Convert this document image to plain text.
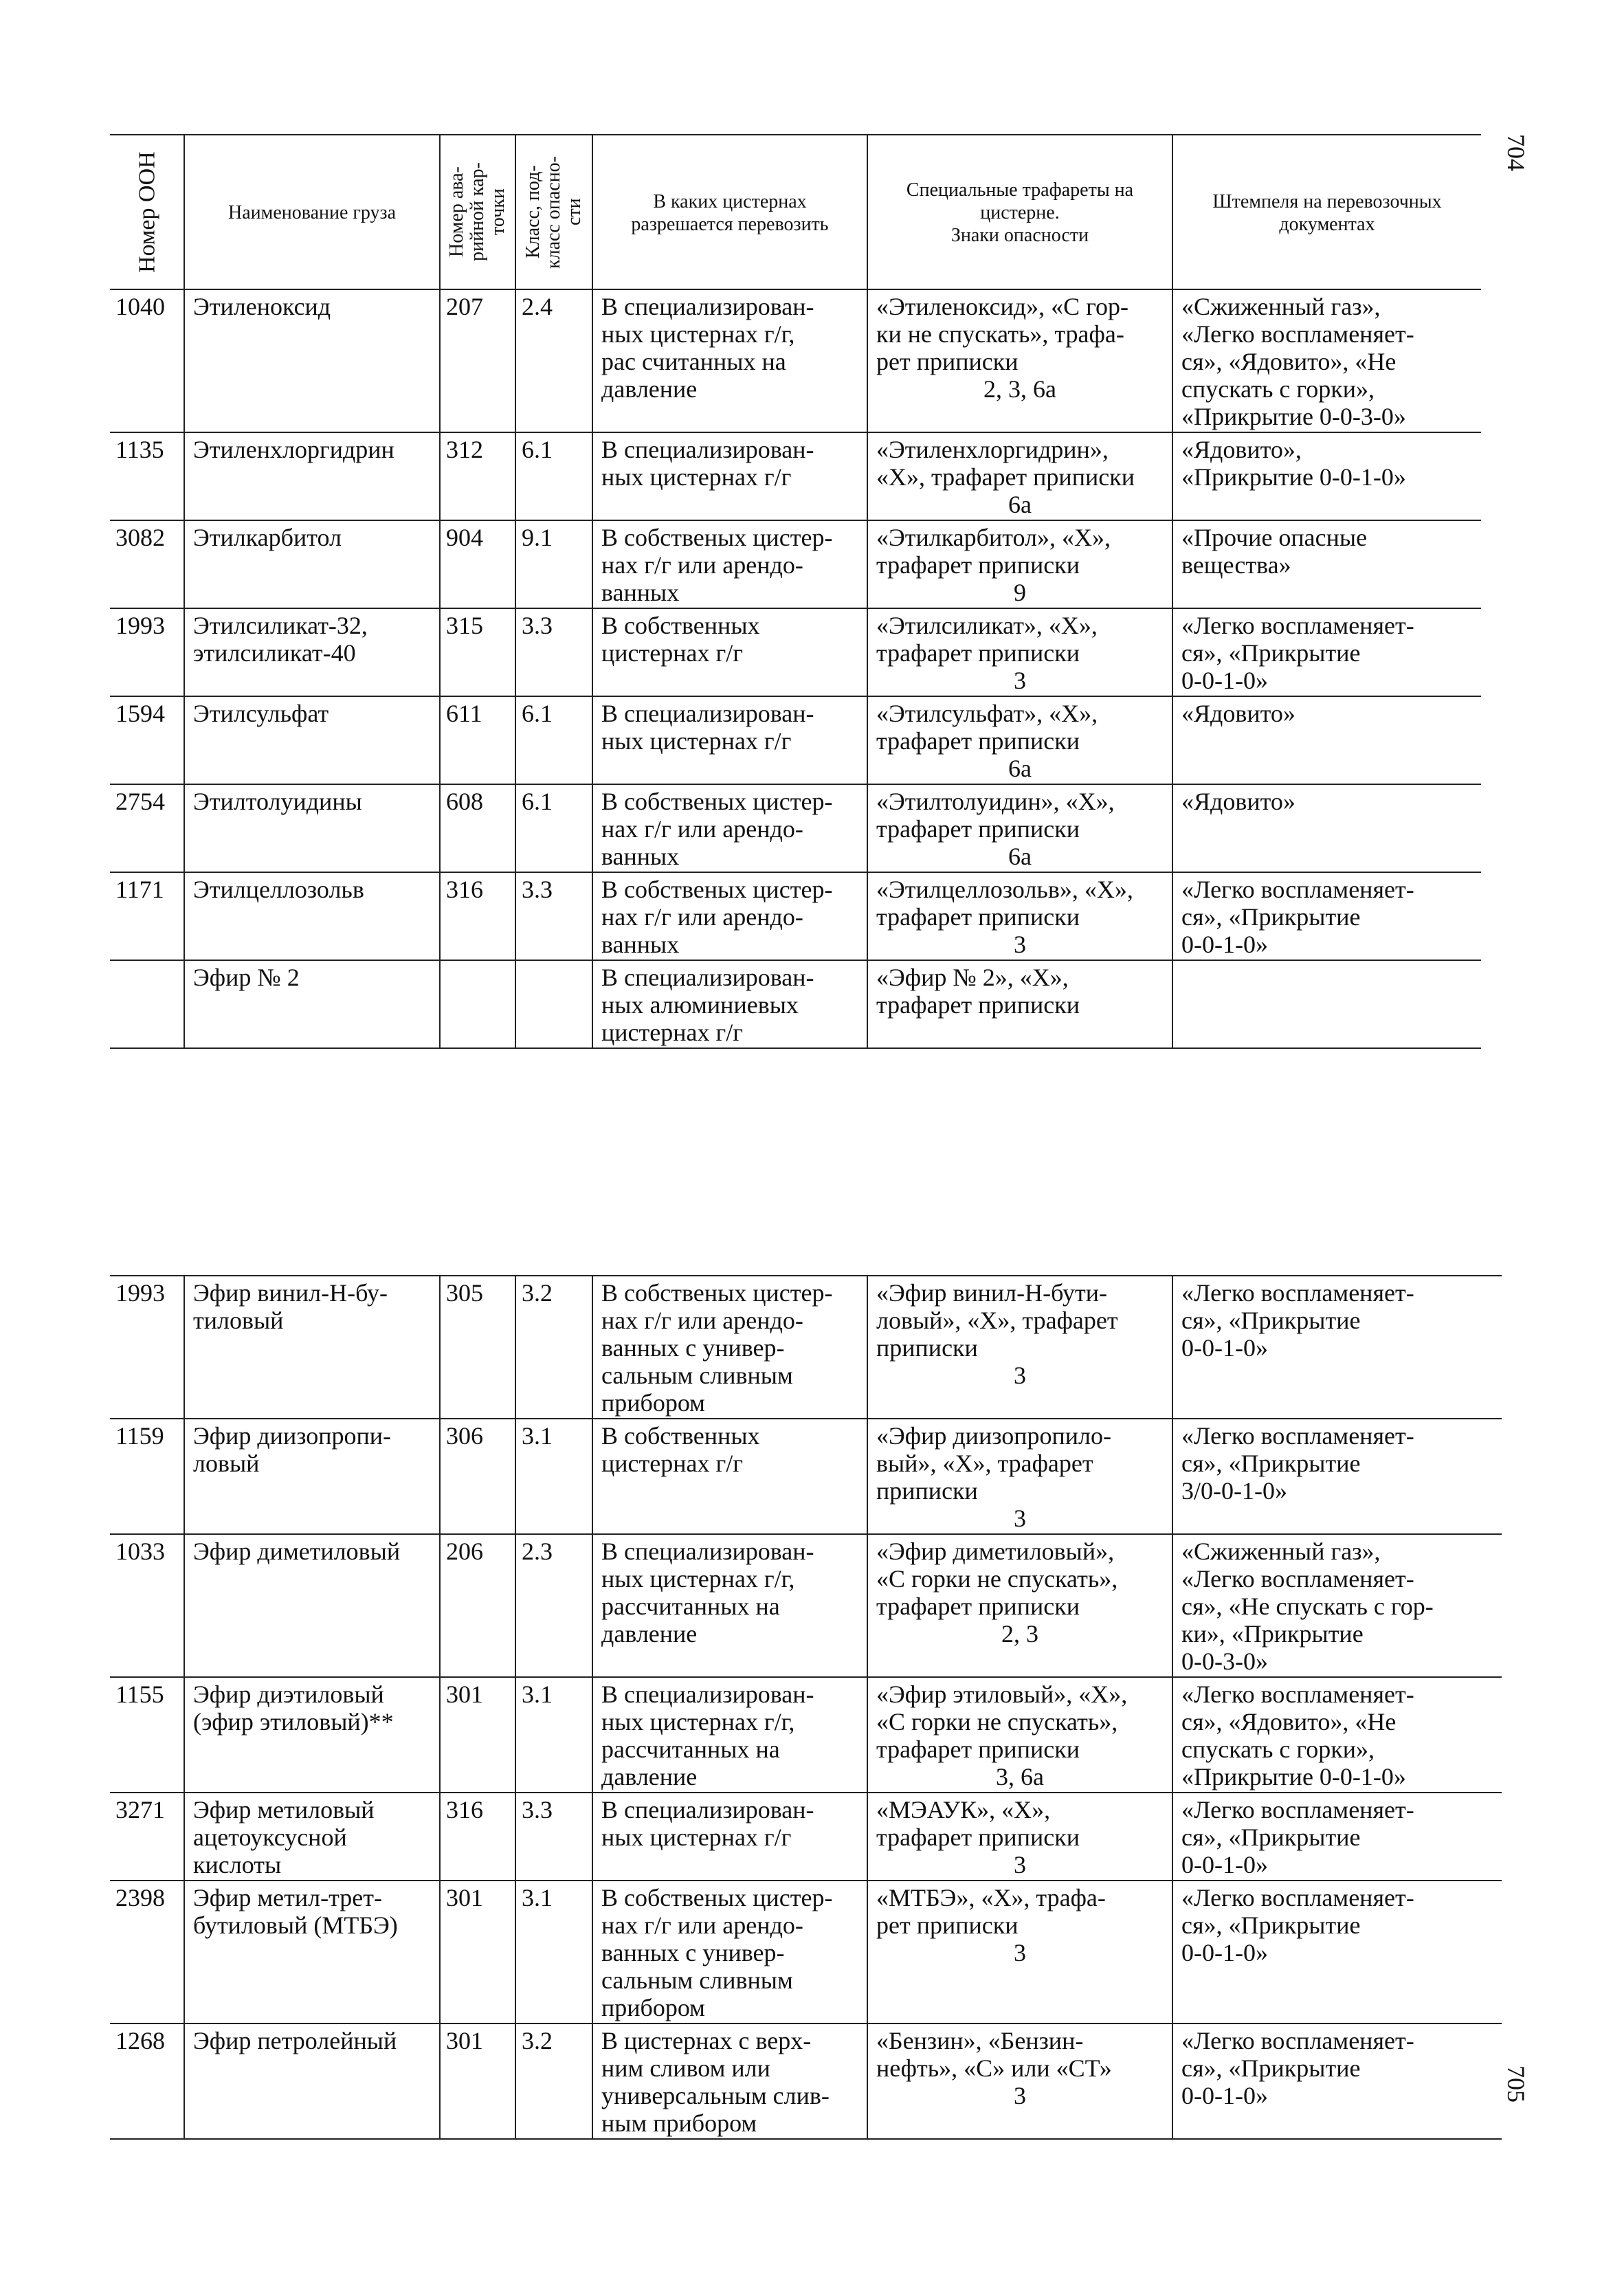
704
705
Номер ООН	Наименование груза	Номер ава-
рийной кар-
точки	Класс, под-
класс опасно-
сти	В каких цистернах разрешается перевозить	Специальные трафареты на цистерне.
Знаки опасности	Штемпеля на перевозочных документах
1040	Этиленоксид	207	2.4	В специализирован-
ных цистернах г/г,
рас считанных на
давление	«Этиленоксид», «С гор-
ки не спускать», трафа-
рет приписки
2, 3, 6а	«Сжиженный газ»,
«Легко воспламеняет-
ся», «Ядовито», «Не
спускать с горки»,
«Прикрытие 0-0-3-0»
1135	Этиленхлоргидрин	312	6.1	В специализирован-
ных цистернах г/г	«Этиленхлоргидрин»,
«Х», трафарет приписки
6а	«Ядовито»,
«Прикрытие 0-0-1-0»
3082	Этилкарбитол	904	9.1	В собственых цистер-
нах г/г или арендо-
ванных	«Этилкарбитол», «Х»,
трафарет приписки
9	«Прочие опасные
вещества»
1993	Этилсиликат-32,
этилсиликат-40	315	3.3	В собственных
цистернах г/г	«Этилсиликат», «Х»,
трафарет приписки
3	«Легко воспламеняет-
ся», «Прикрытие
0-0-1-0»
1594	Этилсульфат	611	6.1	В специализирован-
ных цистернах г/г	«Этилсульфат», «Х»,
трафарет приписки
6а	«Ядовито»
2754	Этилтолуидины	608	6.1	В собственых цистер-
нах г/г или арендо-
ванных	«Этилтолуидин», «Х»,
трафарет приписки
6а	«Ядовито»
1171	Этилцеллозольв	316	3.3	В собственых цистер-
нах г/г или арендо-
ванных	«Этилцеллозольв», «Х»,
трафарет приписки
3	«Легко воспламеняет-
ся», «Прикрытие
0-0-1-0»
	Эфир № 2			В специализирован-
ных алюминиевых
цистернах г/г	«Эфир № 2», «Х»,
трафарет приписки

1993	Эфир винил-Н-бу-
тиловый	305	3.2	В собственых цистер-
нах г/г или арендо-
ванных с универ-
сальным сливным
прибором	«Эфир винил-Н-бути-
ловый», «Х», трафарет
приписки
3	«Легко воспламеняет-
ся», «Прикрытие
0-0-1-0»
1159	Эфир диизопропи-
ловый	306	3.1	В собственных
цистернах г/г	«Эфир диизопропило-
вый», «Х», трафарет
приписки
3	«Легко воспламеняет-
ся», «Прикрытие
3/0-0-1-0»
1033	Эфир диметиловый	206	2.3	В специализирован-
ных цистернах г/г,
рассчитанных на
давление	«Эфир диметиловый»,
«С горки не спускать»,
трафарет приписки
2, 3	«Сжиженный газ»,
«Легко воспламеняет-
ся», «Не спускать с гор-
ки», «Прикрытие
0-0-3-0»
1155	Эфир диэтиловый
(эфир этиловый)**	301	3.1	В специализирован-
ных цистернах г/г,
рассчитанных на
давление	«Эфир этиловый», «Х»,
«С горки не спускать»,
трафарет приписки
3, 6а	«Легко воспламеняет-
ся», «Ядовито», «Не
спускать с горки»,
«Прикрытие 0-0-1-0»
3271	Эфир метиловый
ацетоуксусной
кислоты	316	3.3	В специализирован-
ных цистернах г/г	«МЭАУК», «Х»,
трафарет приписки
3	«Легко воспламеняет-
ся», «Прикрытие
0-0-1-0»
2398	Эфир метил-трет-
бутиловый (МТБЭ)	301	3.1	В собственых цистер-
нах г/г или арендо-
ванных с универ-
сальным сливным
прибором	«МТБЭ», «Х», трафа-
рет приписки
3	«Легко воспламеняет-
ся», «Прикрытие
0-0-1-0»
1268	Эфир петролейный	301	3.2	В цистернах с верх-
ним сливом или
универсальным слив-
ным прибором	«Бензин», «Бензин-
нефть», «С» или «СТ»
3	«Легко воспламеняет-
ся», «Прикрытие
0-0-1-0»
